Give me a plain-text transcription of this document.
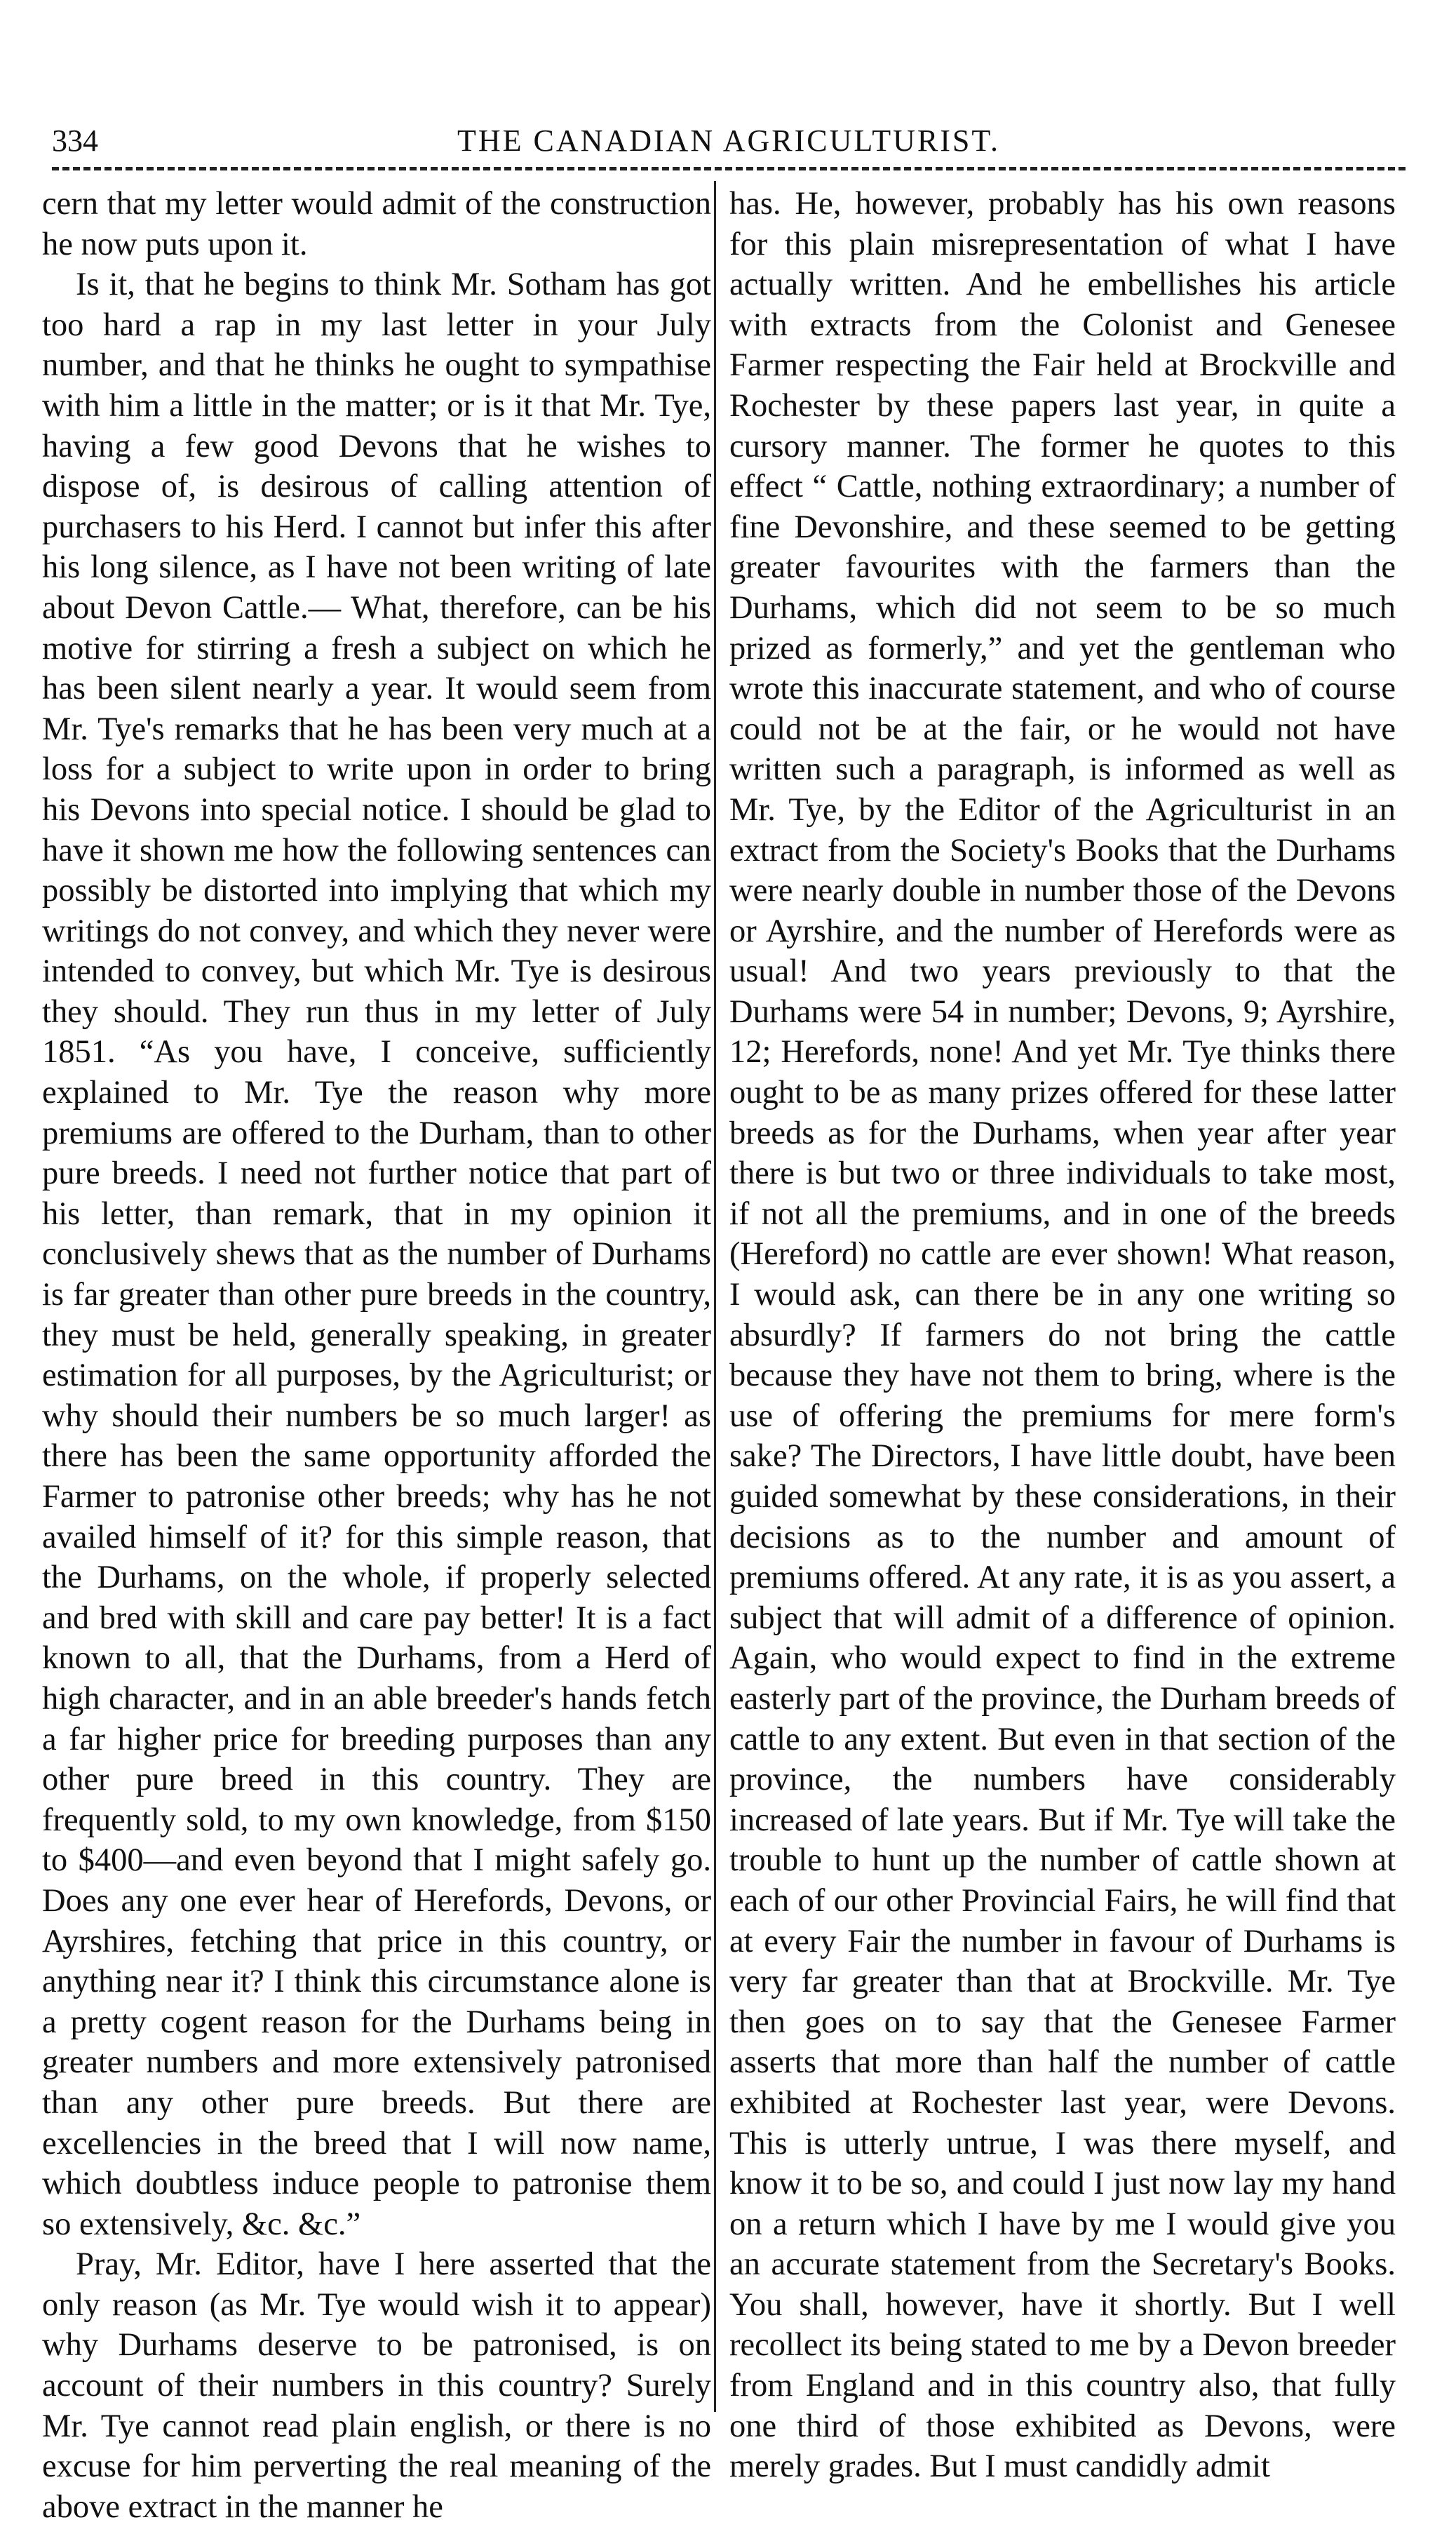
334	THE CANADIAN AGRICULTURIST.

cern that my letter would admit of the construction he now puts upon it.

Is it, that he begins to think Mr. Sotham has got too hard a rap in my last letter in your July number, and that he thinks he ought to sympathise with him a little in the matter; or is it that Mr. Tye, having a few good Devons that he wishes to dispose of, is desirous of calling attention of purchasers to his Herd. I cannot but infer this after his long silence, as I have not been writing of late about Devon Cattle.— What, therefore, can be his motive for stirring a fresh a subject on which he has been silent nearly a year. It would seem from Mr. Tye's remarks that he has been very much at a loss for a subject to write upon in order to bring his Devons into special notice. I should be glad to have it shown me how the following sentences can possibly be distorted into implying that which my writings do not convey, and which they never were intended to convey, but which Mr. Tye is desirous they should. They run thus in my letter of July 1851. “As you have, I conceive, sufficiently explained to Mr. Tye the reason why more premiums are offered to the Durham, than to other pure breeds. I need not further notice that part of his letter, than remark, that in my opinion it conclusively shews that as the number of Durhams is far greater than other pure breeds in the country, they must be held, generally speaking, in greater estimation for all purposes, by the Agriculturist; or why should their numbers be so much larger! as there has been the same opportunity afforded the Farmer to patronise other breeds; why has he not availed himself of it? for this simple reason, that the Durhams, on the whole, if properly selected and bred with skill and care pay better! It is a fact known to all, that the Durhams, from a Herd of high character, and in an able breeder's hands fetch a far higher price for breeding purposes than any other pure breed in this country. They are frequently sold, to my own knowledge, from $150 to $400—and even beyond that I might safely go. Does any one ever hear of Herefords, Devons, or Ayrshires, fetching that price in this country, or anything near it? I think this circumstance alone is a pretty cogent reason for the Durhams being in greater numbers and more extensively patronised than any other pure breeds. But there are excellencies in the breed that I will now name, which doubtless induce people to patronise them so extensively, &c. &c.”

Pray, Mr. Editor, have I here asserted that the only reason (as Mr. Tye would wish it to appear) why Durhams deserve to be patronised, is on account of their numbers in this country? Surely Mr. Tye cannot read plain english, or there is no excuse for him perverting the real meaning of the above extract in the manner he

has. He, however, probably has his own reasons for this plain misrepresentation of what I have actually written. And he embellishes his article with extracts from the Colonist and Genesee Farmer respecting the Fair held at Brockville and Rochester by these papers last year, in quite a cursory manner. The former he quotes to this effect “ Cattle, nothing extraordinary; a number of fine Devonshire, and these seemed to be getting greater favourites with the farmers than the Durhams, which did not seem to be so much prized as formerly,” and yet the gentleman who wrote this inaccurate statement, and who of course could not be at the fair, or he would not have written such a paragraph, is informed as well as Mr. Tye, by the Editor of the Agriculturist in an extract from the Society's Books that the Durhams were nearly double in number those of the Devons or Ayrshire, and the number of Herefords were as usual! And two years previously to that the Durhams were 54 in number; Devons, 9; Ayrshire, 12; Herefords, none! And yet Mr. Tye thinks there ought to be as many prizes offered for these latter breeds as for the Durhams, when year after year there is but two or three individuals to take most, if not all the premiums, and in one of the breeds (Hereford) no cattle are ever shown! What reason, I would ask, can there be in any one writing so absurdly? If farmers do not bring the cattle because they have not them to bring, where is the use of offering the premiums for mere form's sake? The Directors, I have little doubt, have been guided somewhat by these considerations, in their decisions as to the number and amount of premiums offered. At any rate, it is as you assert, a subject that will admit of a difference of opinion. Again, who would expect to find in the extreme easterly part of the province, the Durham breeds of cattle to any extent. But even in that section of the province, the numbers have considerably increased of late years. But if Mr. Tye will take the trouble to hunt up the number of cattle shown at each of our other Provincial Fairs, he will find that at every Fair the number in favour of Durhams is very far greater than that at Brockville. Mr. Tye then goes on to say that the Genesee Farmer asserts that more than half the number of cattle exhibited at Rochester last year, were Devons. This is utterly untrue, I was there myself, and know it to be so, and could I just now lay my hand on a return which I have by me I would give you an accurate statement from the Secretary's Books. You shall, however, have it shortly. But I well recollect its being stated to me by a Devon breeder from England and in this country also, that fully one third of those exhibited as Devons, were merely grades. But I must candidly admit
